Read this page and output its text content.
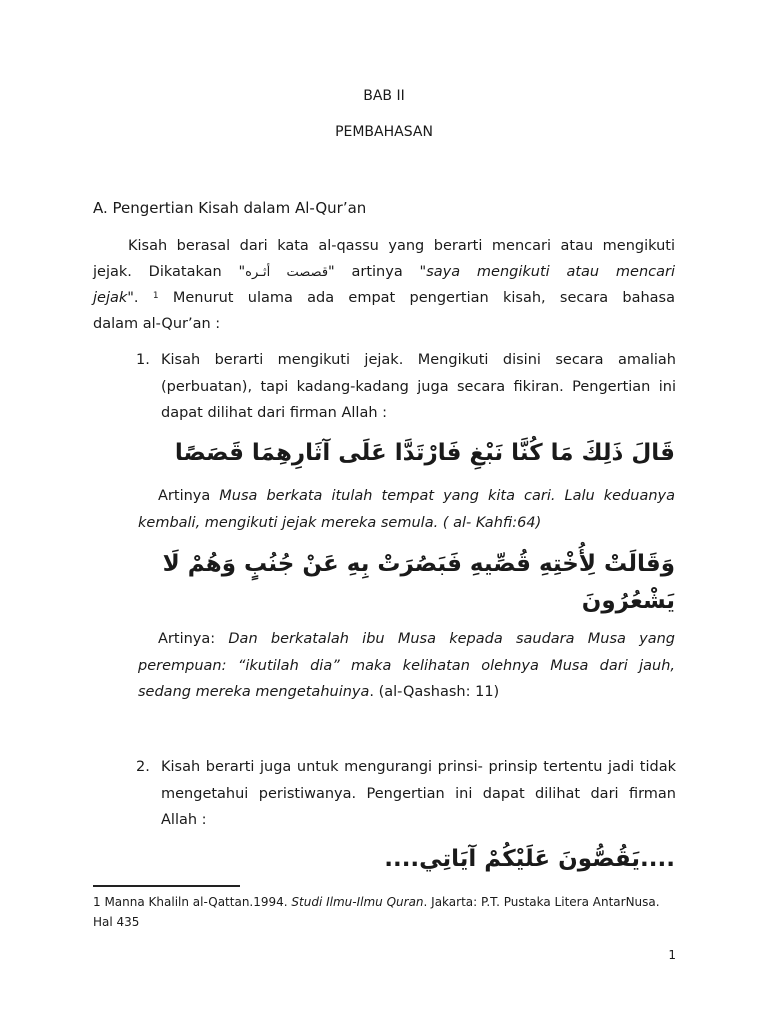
BAB II
PEMBAHASAN
A. Pengertian Kisah dalam Al-Qur’an
Kisah berasal dari kata al-qassu yang berarti mencari atau mengikuti
jejak. Dikatakan "قصصت أثـره" artinya "saya mengikuti atau mencari
jejak". $^1$ Menurut ulama ada empat pengertian kisah, secara bahasa
dalam al-Qur’an :
1. Kisah berarti mengikuti jejak. Mengikuti disini secara amaliah (perbuatan), tapi kadang-kadang juga secara fikiran. Pengertian ini dapat dilihat dari firman Allah :
قَالَ ذَلِكَ مَا كُنَّا نَبْغِ فَارْتَدَّا عَلَى آثَارِهِمَا قَصَصًا
Artinya Musa berkata itulah tempat yang kita cari. Lalu keduanya kembali, mengikuti jejak mereka semula. ( al- Kahfi:64)
وَقَالَتْ لِأُخْتِهِ قُصِّيهِ فَبَصُرَتْ بِهِ عَنْ جُنُبٍ وَهُمْ لَا
يَشْعُرُونَ
Artinya: Dan berkatalah ibu Musa kepada saudara Musa yang perempuan: “ikutilah dia” maka kelihatan olehnya Musa dari jauh, sedang mereka mengetahuinya. (al-Qashash: 11)
2. Kisah berarti juga untuk mengurangi prinsi- prinsip tertentu jadi tidak mengetahui peristiwanya. Pengertian ini dapat dilihat dari firman Allah :
....يَقُصُّونَ عَلَيْكُمْ آيَاتِي....
1 Manna Khaliln al-Qattan.1994. Studi Ilmu-Ilmu Quran. Jakarta: P.T. Pustaka Litera AntarNusa. Hal 435
1
